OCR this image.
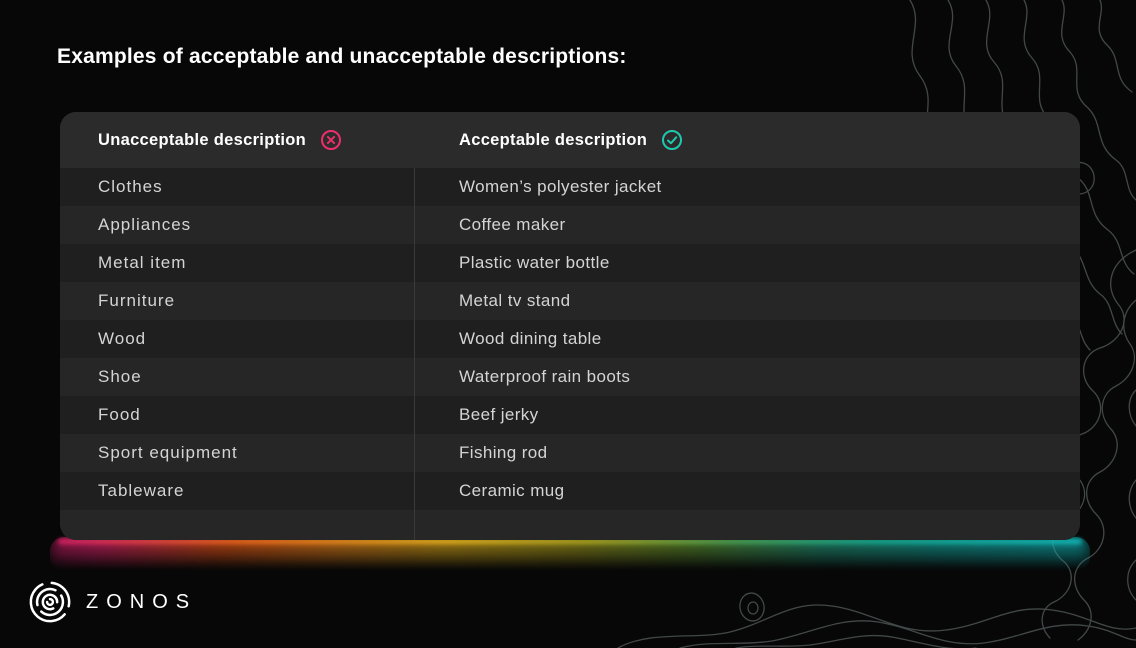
Examples of acceptable and unacceptable descriptions:
Unacceptable description	Acceptable description
Clothes	Women’s polyester jacket
Appliances	Coffee maker
Metal item	Plastic water bottle
Furniture	Metal tv stand
Wood	Wood dining table
Shoe	Waterproof rain boots
Food	Beef jerky
Sport equipment	Fishing rod
Tableware	Ceramic mug
ZONOS
